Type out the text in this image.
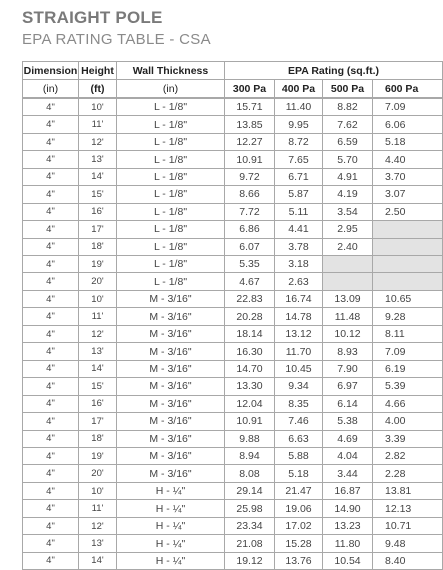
STRAIGHT POLE
EPA RATING TABLE - CSA
Dimension	Height	Wall Thickness	EPA Rating (sq.ft.)			
(in)	(ft)	(in)	300 Pa	400 Pa	500 Pa	600 Pa
4"	10'	L - 1/8"	15.71	11.40	8.82	7.09
4"	11'	L - 1/8"	13.85	9.95	7.62	6.06
4"	12'	L - 1/8"	12.27	8.72	6.59	5.18
4"	13'	L - 1/8"	10.91	7.65	5.70	4.40
4"	14'	L - 1/8"	9.72	6.71	4.91	3.70
4"	15'	L - 1/8"	8.66	5.87	4.19	3.07
4"	16'	L - 1/8"	7.72	5.11	3.54	2.50
4"	17'	L - 1/8"	6.86	4.41	2.95	
4"	18'	L - 1/8"	6.07	3.78	2.40	
4"	19'	L - 1/8"	5.35	3.18		
4"	20'	L - 1/8"	4.67	2.63		
4"	10'	M - 3/16"	22.83	16.74	13.09	10.65
4"	11'	M - 3/16"	20.28	14.78	11.48	9.28
4"	12'	M - 3/16"	18.14	13.12	10.12	8.11
4"	13'	M - 3/16"	16.30	11.70	8.93	7.09
4"	14'	M - 3/16"	14.70	10.45	7.90	6.19
4"	15'	M - 3/16"	13.30	9.34	6.97	5.39
4"	16'	M - 3/16"	12.04	8.35	6.14	4.66
4"	17'	M - 3/16"	10.91	7.46	5.38	4.00
4"	18'	M - 3/16"	9.88	6.63	4.69	3.39
4"	19'	M - 3/16"	8.94	5.88	4.04	2.82
4"	20'	M - 3/16"	8.08	5.18	3.44	2.28
4"	10'	H - ¼"	29.14	21.47	16.87	13.81
4"	11'	H - ¼"	25.98	19.06	14.90	12.13
4"	12'	H - ¼"	23.34	17.02	13.23	10.71
4"	13'	H - ¼"	21.08	15.28	11.80	9.48
4"	14'	H - ¼"	19.12	13.76	10.54	8.40
